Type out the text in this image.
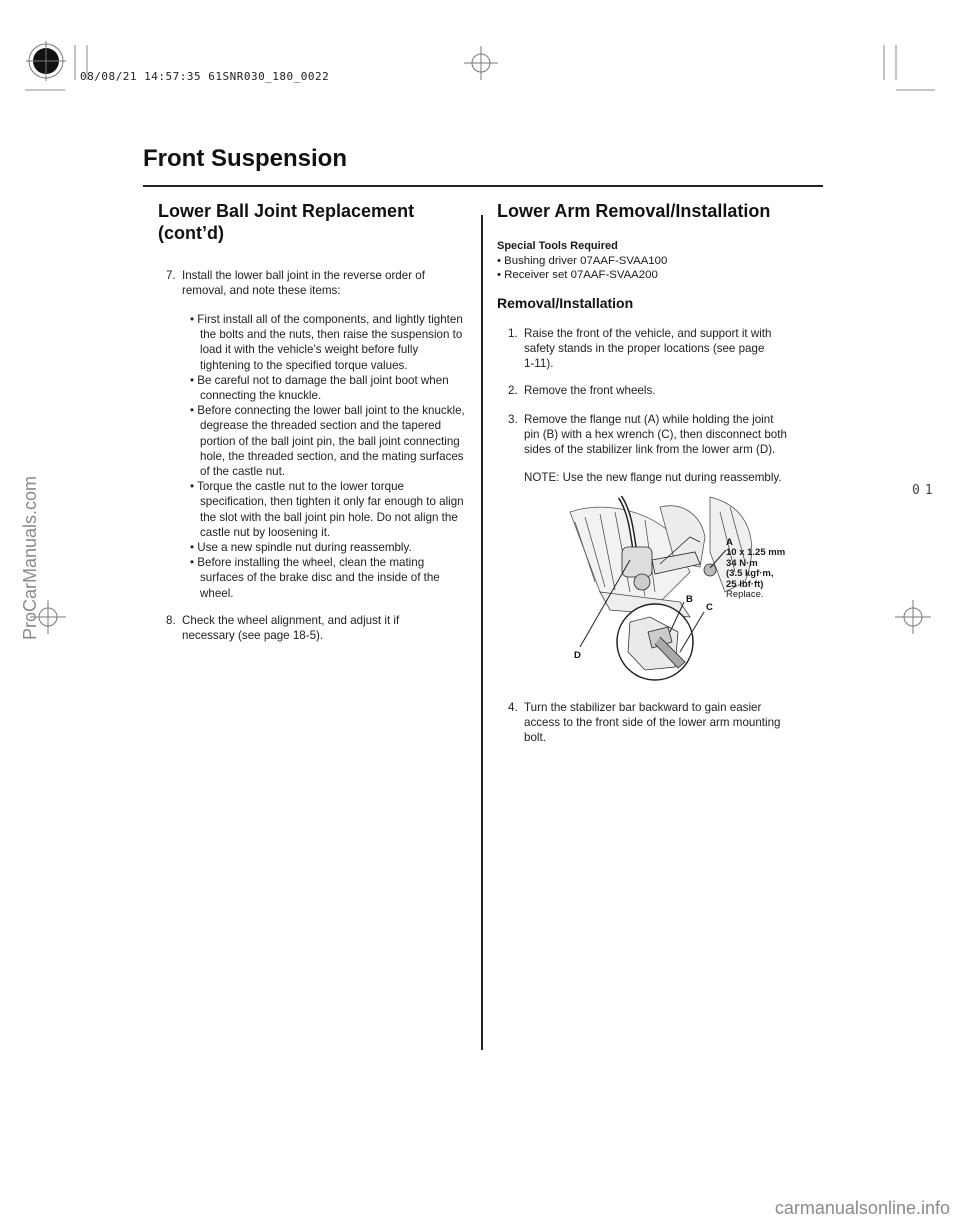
08/08/21 14:57:35 61SNR030_180_0022
Front Suspension
Lower Ball Joint Replacement
(cont’d)
7. Install the lower ball joint in the reverse order of
removal, and note these items:
• First install all of the components, and lightly tighten the bolts and the nuts, then raise the suspension to load it with the vehicle’s weight before fully tightening to the specified torque values.
• Be careful not to damage the ball joint boot when connecting the knuckle.
• Before connecting the lower ball joint to the knuckle, degrease the threaded section and the tapered portion of the ball joint pin, the ball joint connecting hole, the threaded section, and the mating surfaces of the castle nut.
• Torque the castle nut to the lower torque specification, then tighten it only far enough to align the slot with the ball joint pin hole. Do not align the castle nut by loosening it.
• Use a new spindle nut during reassembly.
• Before installing the wheel, clean the mating surfaces of the brake disc and the inside of the wheel.
8. Check the wheel alignment, and adjust it if
necessary (see page 18-5).
Lower Arm Removal/Installation
Special Tools Required
• Bushing driver 07AAF-SVAA100
• Receiver set 07AAF-SVAA200
Removal/Installation
1. Raise the front of the vehicle, and support it with
safety stands in the proper locations (see page
1-11).
2. Remove the front wheels.
3. Remove the flange nut (A) while holding the joint
pin (B) with a hex wrench (C), then disconnect both
sides of the stabilizer link from the lower arm (D).
NOTE: Use the new flange nut during reassembly.
A
10 x 1.25 mm
34 N·m
(3.5 kgf·m,
25 lbf·ft)
Replace.
B
C
D
4. Turn the stabilizer bar backward to gain easier
access to the front side of the lower arm mounting
bolt.
01
ProCarManuals.com
carmanualsonline.info
